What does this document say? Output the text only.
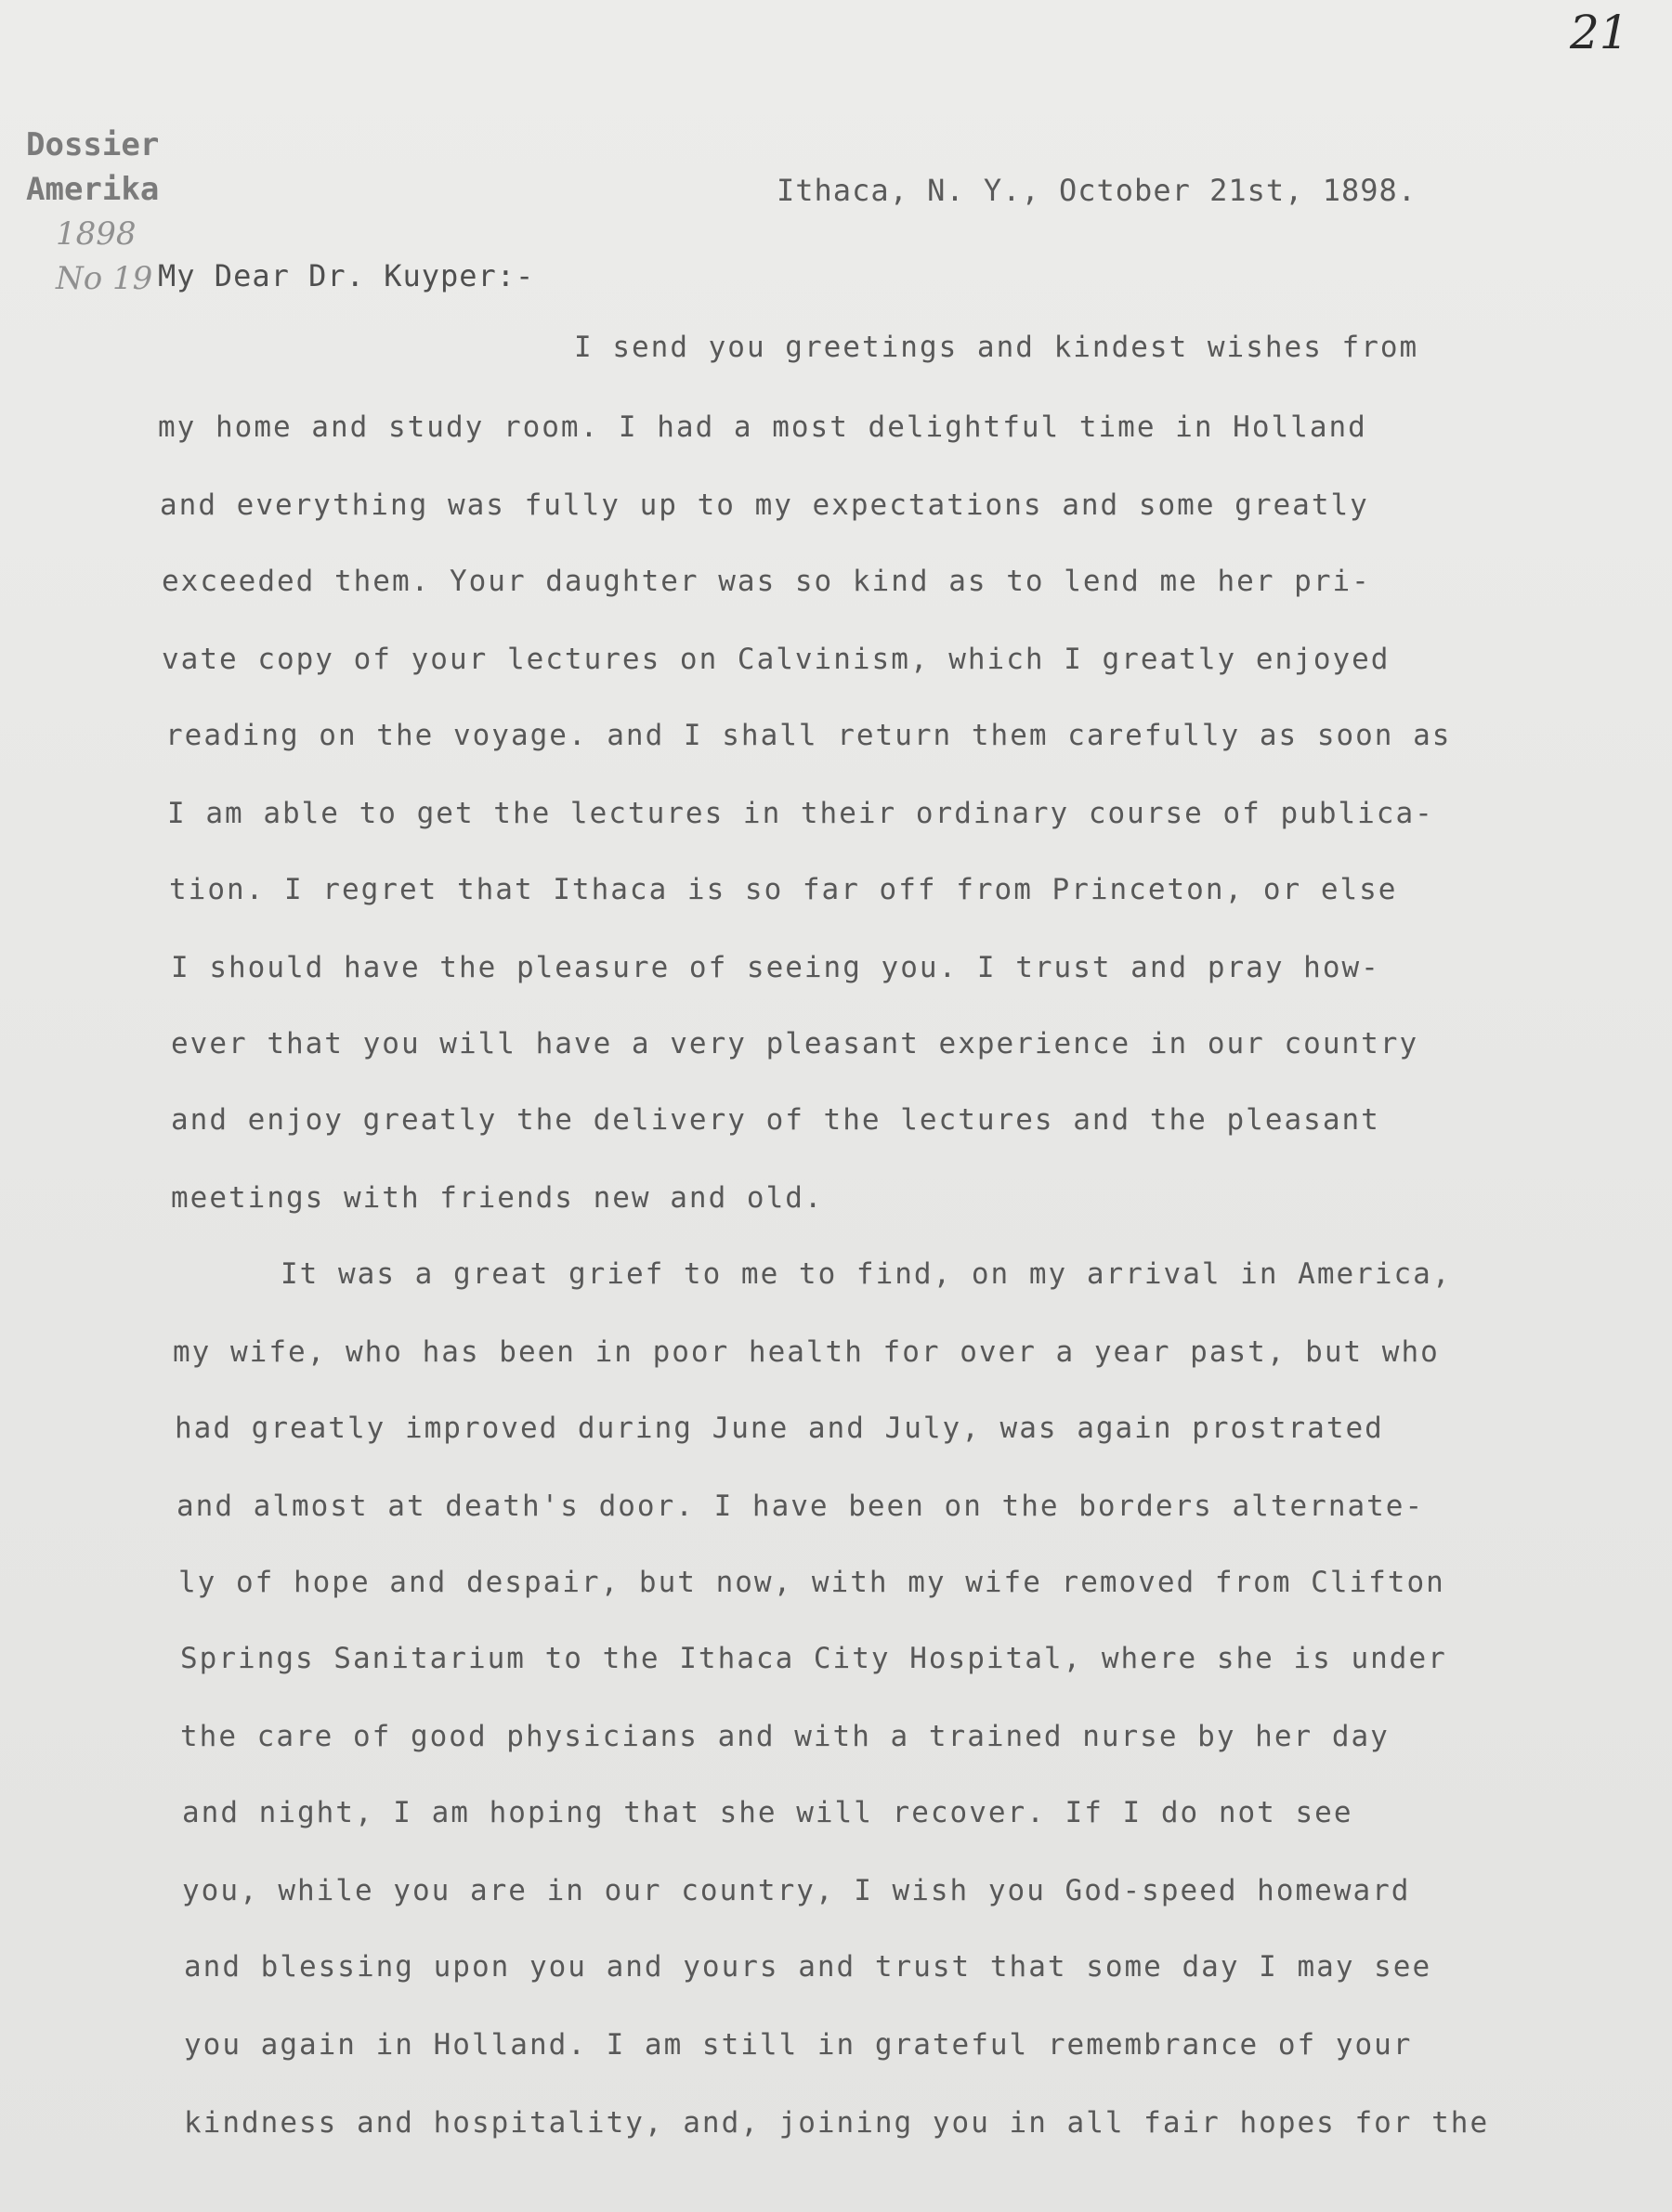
21
Dossier
Amerika
1898
No 19
Ithaca, N. Y., October 21st, 1898.
My Dear Dr. Kuyper:-
I send you greetings and kindest wishes from
my home and study room. I had a most delightful time in Holland
and everything was fully up to my expectations and some greatly
exceeded them. Your daughter was so kind as to lend me her pri-
vate copy of your lectures on Calvinism, which I greatly enjoyed
reading on the voyage. and I shall return them carefully as soon as
I am able to get the lectures in their ordinary course of publica-
tion. I regret that Ithaca is so far off from Princeton, or else
I should have the pleasure of seeing you. I trust and pray how-
ever that you will have a very pleasant experience in our country
and enjoy greatly the delivery of the lectures and the pleasant
meetings with friends new and old.
It was a great grief to me to find, on my arrival in America,
my wife, who has been in poor health for over a year past, but who
had greatly improved during June and July, was again prostrated
and almost at death's door. I have been on the borders alternate-
ly of hope and despair, but now, with my wife removed from Clifton
Springs Sanitarium to the Ithaca City Hospital, where she is under
the care of good physicians and with a trained nurse by her day
and night, I am hoping that she will recover. If I do not see
you, while you are in our country, I wish you God-speed homeward
and blessing upon you and yours and trust that some day I may see
you again in Holland. I am still in grateful remembrance of your
kindness and hospitality, and, joining you in all fair hopes for the
